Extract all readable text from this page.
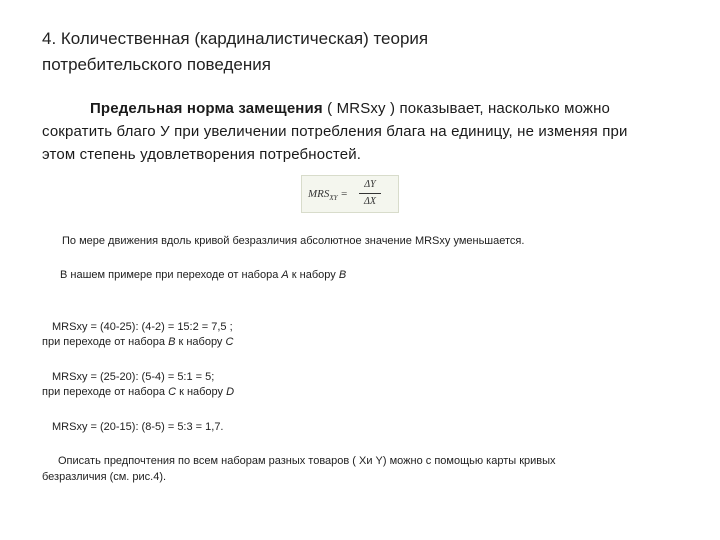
4. Количественная (кардиналистическая) теория
потребительского поведения
Предельная норма замещения ( MRSxy ) показывает, насколько можно
сократить благо У при увеличении потребления блага на единицу, не изменяя при
этом степень удовлетворения потребностей.
$MRS_{XY}$ =
ΔY
ΔX
По мере движения вдоль кривой безразличия абсолютное значение MRSxy уменьшается.
В нашем примере при переходе от набора А к набору В
MRSxy = (40-25): (4-2) = 15:2 = 7,5 ;
при переходе от набора В к набору С
MRSxy = (25-20): (5-4) = 5:1 = 5;
при переходе от набора С к набору D
MRSxy = (20-15): (8-5) = 5:3 = 1,7.
Описать предпочтения по всем наборам разных товаров ( Хи Y) можно с помощью карты кривых
безразличия (см. рис.4).
